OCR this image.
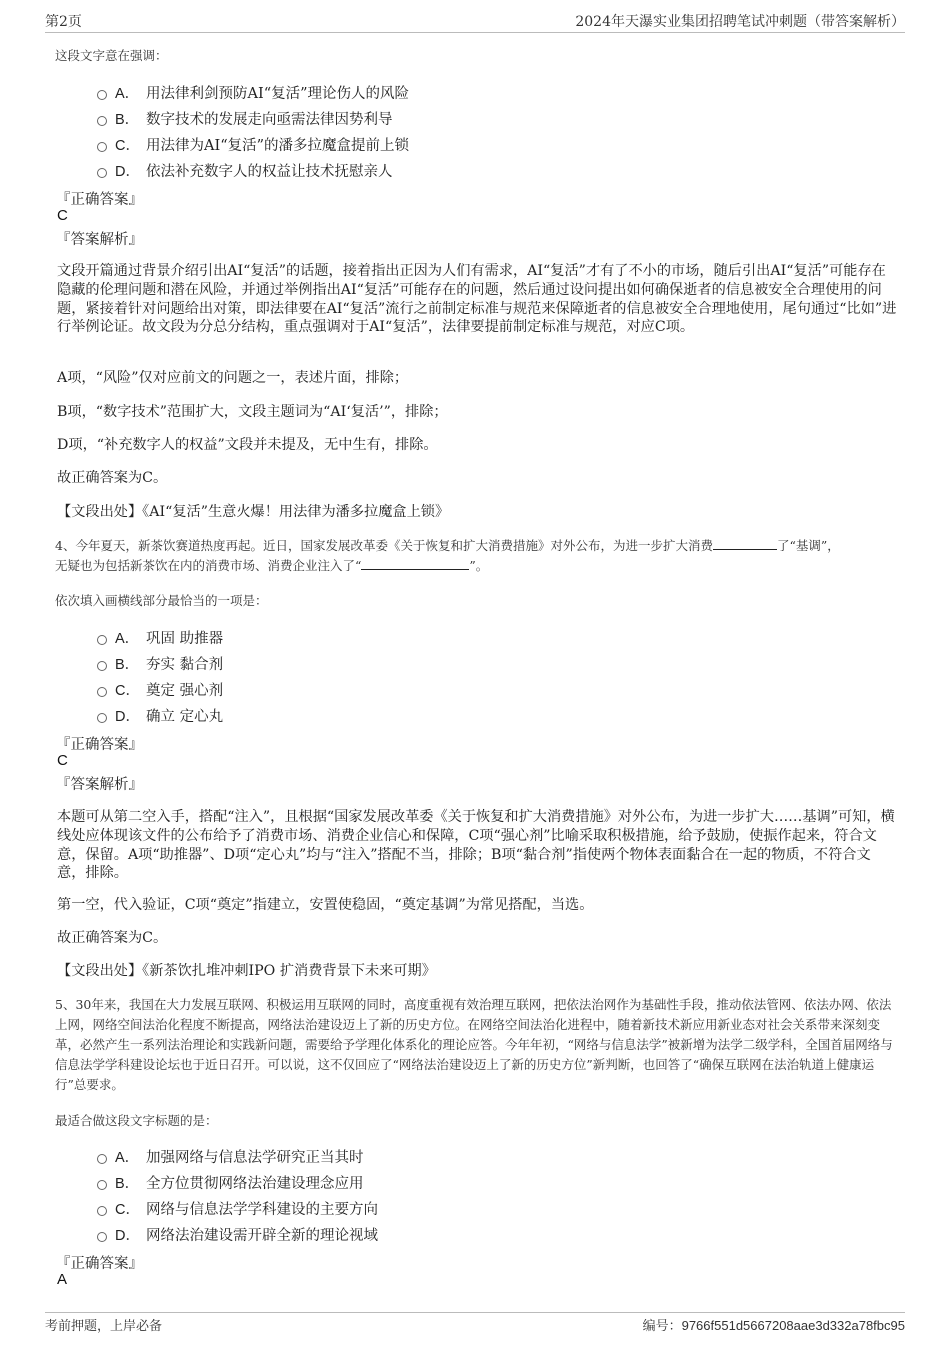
第2页	2024年天瀑实业集团招聘笔试冲刺题（带答案解析）
这段文字意在强调：
A． 用法律利剑预防AI“复活”理论伤人的风险
B． 数字技术的发展走向亟需法律因势利导
C． 用法律为AI“复活”的潘多拉魔盒提前上锁
D． 依法补充数字人的权益让技术抚慰亲人
『正确答案』
C
『答案解析』
文段开篇通过背景介绍引出AI“复活”的话题，接着指出正因为人们有需求，AI“复活”才有了不小的市场，随后引出AI“复活”可能存在隐藏的伦理问题和潜在风险，并通过举例指出AI“复活”可能存在的问题，然后通过设问提出如何确保逝者的信息被安全合理使用的问题，紧接着针对问题给出对策，即法律要在AI“复活”流行之前制定标准与规范来保障逝者的信息被安全合理地使用，尾句通过“比如”进行举例论证。故文段为分总分结构，重点强调对于AI“复活”，法律要提前制定标准与规范，对应C项。
A项，“风险”仅对应前文的问题之一，表述片面，排除；
B项，“数字技术”范围扩大，文段主题词为“AI‘复活’”，排除；
D项，“补充数字人的权益”文段并未提及，无中生有，排除。
故正确答案为C。
【文段出处】《AI“复活”生意火爆！用法律为潘多拉魔盒上锁》
4、今年夏天，新茶饮赛道热度再起。近日，国家发展改革委《关于恢复和扩大消费措施》对外公布，为进一步扩大消费	了“基调”，
无疑也为包括新茶饮在内的消费市场、消费企业注入了“	”。
依次填入画横线部分最恰当的一项是：
A． 巩固 助推器
B． 夯实 黏合剂
C． 奠定 强心剂
D． 确立 定心丸
『正确答案』
C
『答案解析』
本题可从第二空入手，搭配“注入”，且根据“国家发展改革委《关于恢复和扩大消费措施》对外公布，为进一步扩大……基调”可知，横线处应体现该文件的公布给予了消费市场、消费企业信心和保障，C项“强心剂”比喻采取积极措施，给予鼓励，使振作起来，符合文意，保留。A项“助推器”、D项“定心丸”均与“注入”搭配不当，排除；B项“黏合剂”指使两个物体表面黏合在一起的物质，不符合文意，排除。
第一空，代入验证，C项“奠定”指建立，安置使稳固，“奠定基调”为常见搭配，当选。
故正确答案为C。
【文段出处】《新茶饮扎堆冲刺IPO 扩消费背景下未来可期》
5、30年来，我国在大力发展互联网、积极运用互联网的同时，高度重视有效治理互联网，把依法治网作为基础性手段，推动依法管网、依法办网、依法上网，网络空间法治化程度不断提高，网络法治建设迈上了新的历史方位。在网络空间法治化进程中，随着新技术新应用新业态对社会关系带来深刻变革，必然产生一系列法治理论和实践新问题，需要给予学理化体系化的理论应答。今年年初，“网络与信息法学”被新增为法学二级学科，全国首届网络与信息法学学科建设论坛也于近日召开。可以说，这不仅回应了“网络法治建设迈上了新的历史方位”新判断，也回答了“确保互联网在法治轨道上健康运行”总要求。
最适合做这段文字标题的是：
A． 加强网络与信息法学研究正当其时
B． 全方位贯彻网络法治建设理念应用
C． 网络与信息法学学科建设的主要方向
D． 网络法治建设需开辟全新的理论视域
『正确答案』
A
考前押题，上岸必备	编号：9766f551d5667208aae3d332a78fbc95
